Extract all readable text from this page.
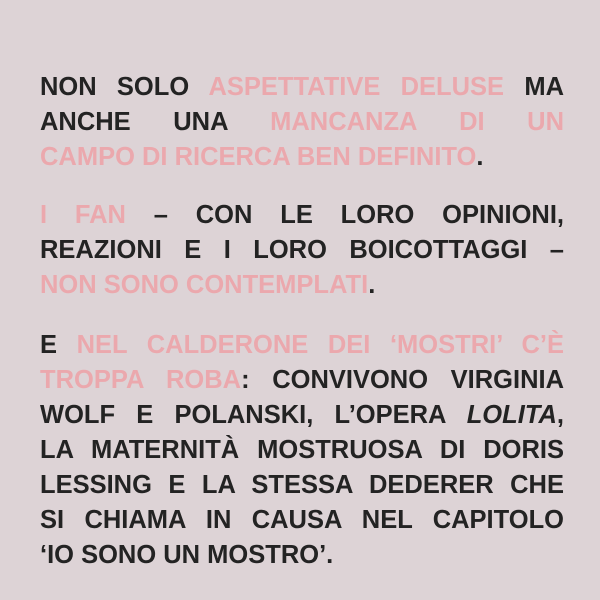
NON SOLO ASPETTATIVE DELUSE MA
ANCHE UNA MANCANZA DI UN
CAMPO DI RICERCA BEN DEFINITO.

I FAN – CON LE LORO OPINIONI,
REAZIONI E I LORO BOICOTTAGGI –
NON SONO CONTEMPLATI.

E NEL CALDERONE DEI ‘MOSTRI’ C’È
TROPPA ROBA: CONVIVONO VIRGINIA
WOLF E POLANSKI, L’OPERA LOLITA,
LA MATERNITÀ MOSTRUOSA DI DORIS
LESSING E LA STESSA DEDERER CHE
SI CHIAMA IN CAUSA NEL CAPITOLO
‘IO SONO UN MOSTRO’.
